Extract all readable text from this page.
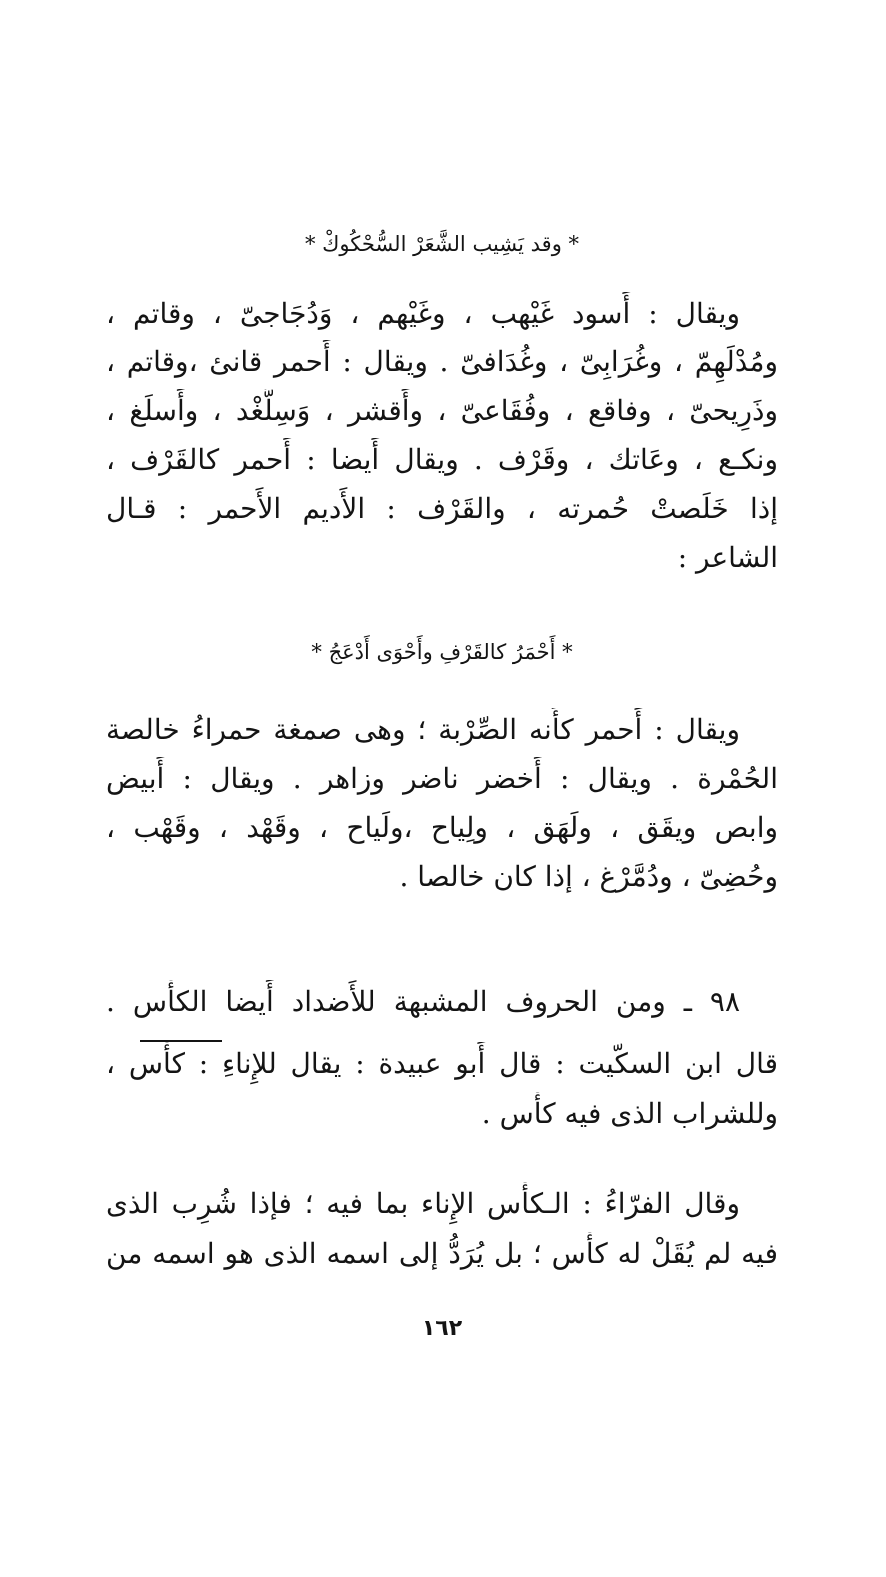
* وقد يَشِيب الشَّعَرْ السُّحْكُوكْ *
ويقال : أَسود غَيْهب ، وغَيْهم ، وَدُجَاجىّ ، وقاتم ،
ومُدْلَهِمّ ، وغُرَابِىّ ، وغُدَافىّ . ويقال : أَحمر قانئ ،وقاتم ،
وذَرِيحىّ ، وفاقع ، وفُقَاعىّ ، وأَقشر ، وَسِلَّغْد ، وأَسلَغ ،
ونكـع ، وعَاتك ، وقَرْف . ويقال أَيضا : أَحمر كالقَرْف ،
إذا خَلَصتْ حُمرته ، والقَرْف : الأَديم الأَحمر : قـال
الشاعر :
* أَحْمَرُ كالقَرْفِ وأَحْوَى أَدْعَجُ *
ويقال : أَحمر كأَنه الصِّرْبة ؛ وهى صمغة حمراءُ خالصة
الحُمْرة . ويقال : أَخضر ناضر وزاهر . ويقال : أَبيض
وابص ويقَق ، ولَهَق ، ولِياح ،ولَياح ، وقَهْد ، وقَهْب ،
وحُضِىّ ، ودُمَّرْغ ، إذا كان خالصا .
٩٨ ـ ومن الحروف المشبهة للأَضداد أَيضا الكأْس .
قال ابن السكّيت : قال أَبو عبيدة : يقال للإِناءِ : كأْس ،
وللشراب الذى فيه كأْس .
وقال الفرّاءُ : الـكأْس الإِناء بما فيه ؛ فإذا شُرِب الذى
فيه لم يُقَلْ له كأْس ؛ بل يُرَدُّ إلى اسمه الذى هو اسمه من
١٦٢
